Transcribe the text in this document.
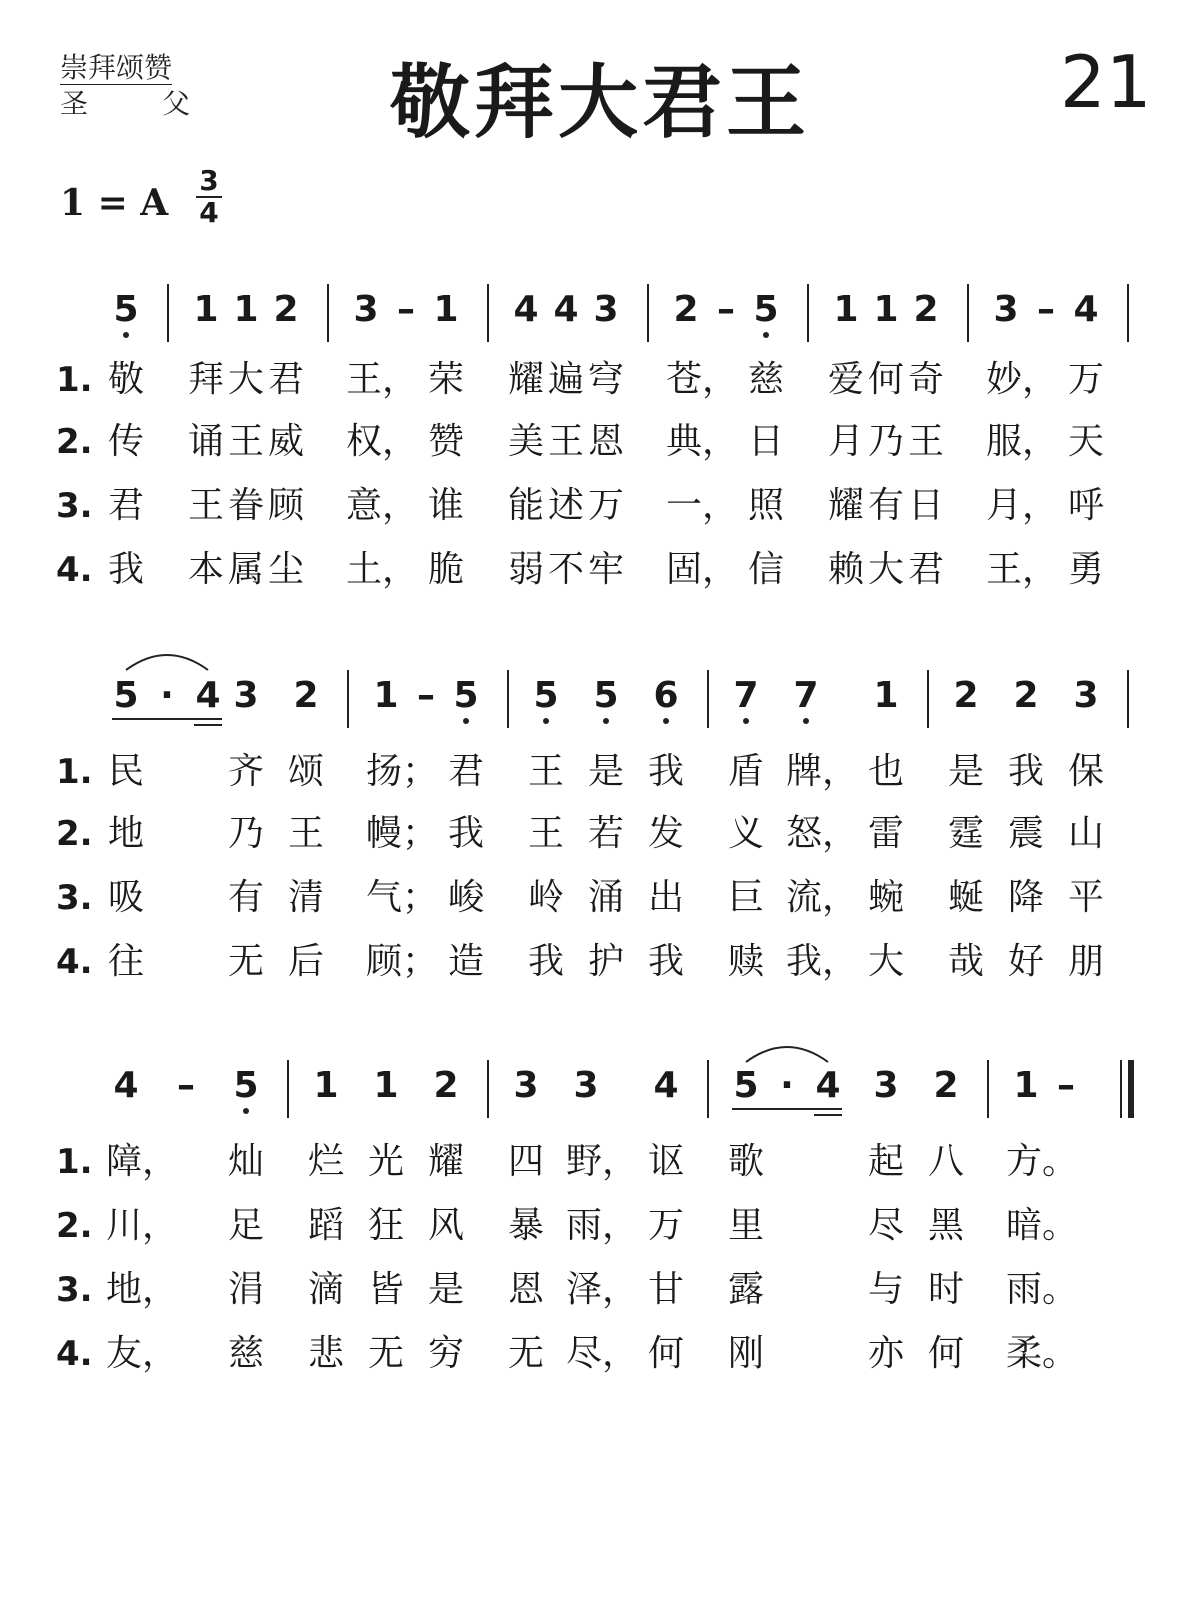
崇拜颂赞
圣	父	敬拜大君王	21
1 = A
3
4
5 1 1 2 3 – 1 4 4 3 2 – 5 1 1 2 3 – 4
1. 敬 拜 大 君 王， 荣 耀 遍 穹 苍， 慈 爱 何 奇 妙， 万
2. 传 诵 王 威 权， 赞 美 王 恩 典， 日 月 乃 王 服， 天
3. 君 王 眷 顾 意， 谁 能 述 万 一， 照 耀 有 日 月， 呼
4. 我 本 属 尘 土， 脆 弱 不 牢 固， 信 赖 大 君 王， 勇
5 · 4 3 2 1 – 5 5 5 6 7 7 1 2 2 3
1. 民 齐 颂 扬； 君 王 是 我 盾 牌， 也 是 我 保
2. 地 乃 王 幔； 我 王 若 发 义 怒， 雷 霆 震 山
3. 吸 有 清 气； 峻 岭 涌 出 巨 流， 蜿 蜒 降 平
4. 往 无 后 顾； 造 我 护 我 赎 我， 大 哉 好 朋
4 – 5 1 1 2 3 3 4 5 · 4 3 2 1 –
1. 障， 灿 烂 光 耀 四 野， 讴 歌	起 八 方。
2. 川， 足 蹈 狂 风 暴 雨， 万 里	尽 黑 暗。
3. 地， 涓 滴 皆 是 恩 泽， 甘 露	与 时 雨。
4. 友， 慈 悲 无 穷 无 尽， 何 刚	亦 何 柔。
